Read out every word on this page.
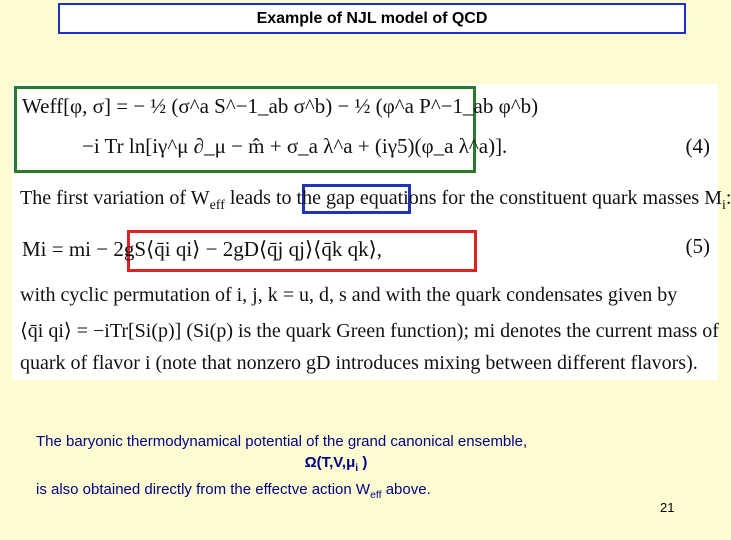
Example of NJL model of QCD
Weff[φ, σ] = − ½ (σ^a S^−1_ab σ^b) − ½ (φ^a P^−1_ab φ^b)
−i Tr ln[iγ^μ ∂_μ − m̂ + σ_a λ^a + (iγ5)(φ_a λ^a)].	(4)
The first variation of $W_{eff}$ leads to the gap equations for the constituent quark masses $M_i$:
Mi = mi − 2gS⟨q̄i qi⟩ − 2gD⟨q̄j qj⟩⟨q̄k qk⟩,	(5)
with cyclic permutation of i, j, k = u, d, s and with the quark condensates given by
⟨q̄i qi⟩ = −iTr[Si(p)] (Si(p) is the quark Green function); mi denotes the current mass of
quark of flavor i (note that nonzero gD introduces mixing between different flavors).
The baryonic thermodynamical potential of the grand canonical ensemble,
$\Omega(T,V,\mu_i$ )
is also obtained directly from the effectve action $W_{eff}$ above.
21
